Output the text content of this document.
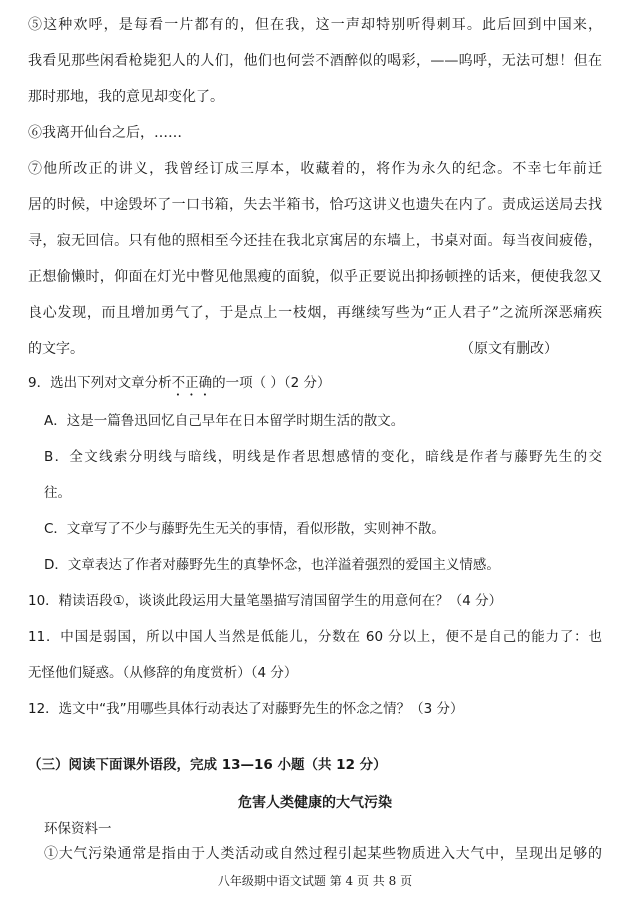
⑤这种欢呼，是每看一片都有的，但在我，这一声却特别听得刺耳。此后回到中国来，
我看见那些闲看枪毙犯人的人们，他们也何尝不酒醉似的喝彩，——呜呼，无法可想！但在
那时那地，我的意见却变化了。
⑥我离开仙台之后，……
⑦他所改正的讲义，我曾经订成三厚本，收藏着的，将作为永久的纪念。不幸七年前迁
居的时候，中途毁坏了一口书箱，失去半箱书，恰巧这讲义也遗失在内了。责成运送局去找
寻，寂无回信。只有他的照相至今还挂在我北京寓居的东墙上，书桌对面。每当夜间疲倦，
正想偷懒时，仰面在灯光中瞥见他黑瘦的面貌，似乎正要说出抑扬顿挫的话来，便使我忽又
良心发现，而且增加勇气了，于是点上一枝烟，再继续写些为“正人君子”之流所深恶痛疾
的文字。	（原文有删改）
9．选出下列对文章分析不正确的一项（ ）（2 分）
A．这是一篇鲁迅回忆自己早年在日本留学时期生活的散文。
B．全文线索分明线与暗线，明线是作者思想感情的变化，暗线是作者与藤野先生的交
往。
C．文章写了不少与藤野先生无关的事情，看似形散，实则神不散。
D．文章表达了作者对藤野先生的真挚怀念，也洋溢着强烈的爱国主义情感。
10．精读语段①，谈谈此段运用大量笔墨描写清国留学生的用意何在？（4 分）
11．中国是弱国，所以中国人当然是低能儿，分数在 60 分以上，便不是自己的能力了：也
无怪他们疑惑。（从修辞的角度赏析）（4 分）
12．选文中“我”用哪些具体行动表达了对藤野先生的怀念之情？（3 分）
（三）阅读下面课外语段，完成 13—16 小题（共 12 分）
危害人类健康的大气污染
环保资料一
①大气污染通常是指由于人类活动或自然过程引起某些物质进入大气中，呈现出足够的
八年级期中语文试题 第 4 页 共 8 页
